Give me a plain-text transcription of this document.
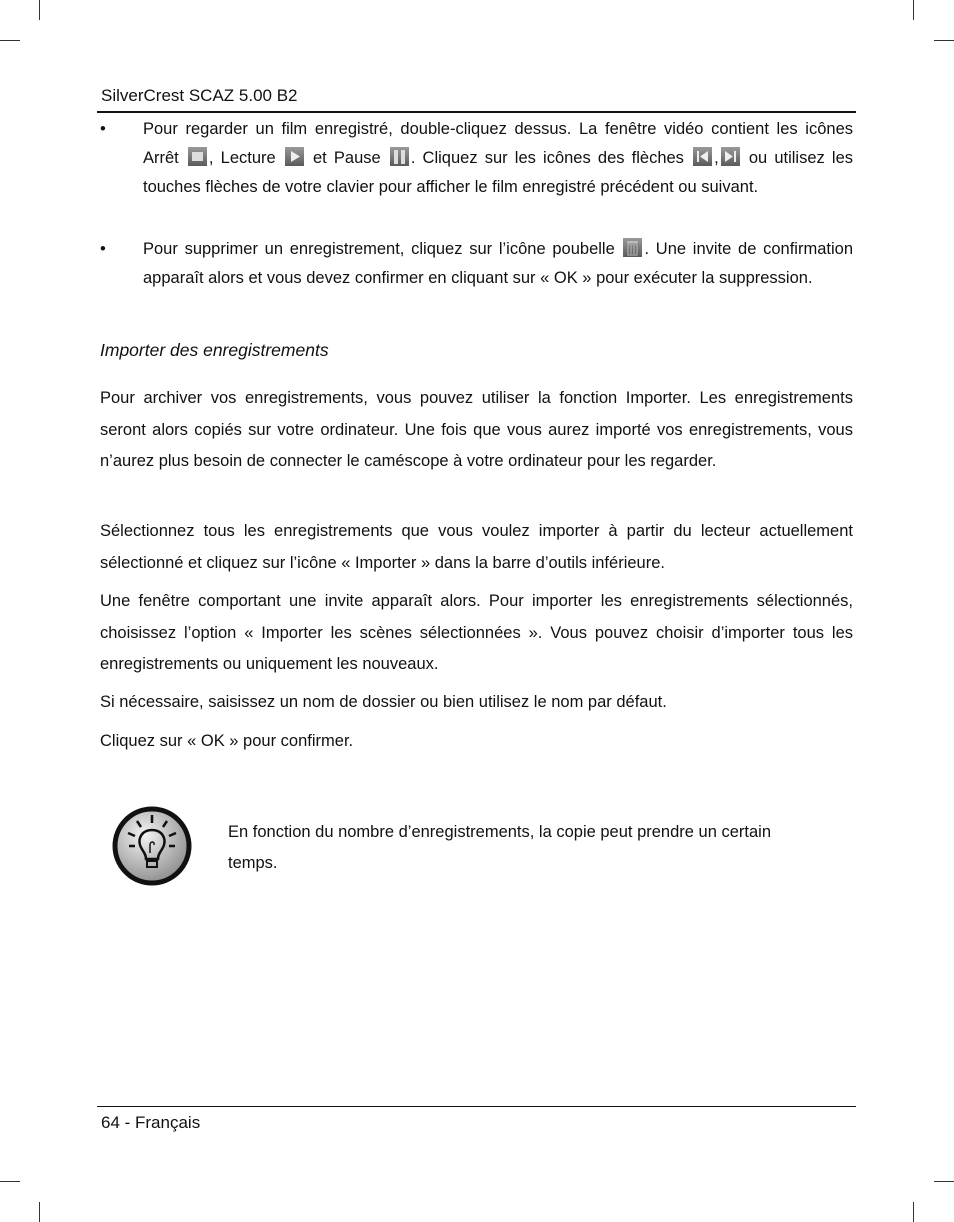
SilverCrest SCAZ 5.00 B2
• Pour regarder un film enregistré, double-cliquez dessus. La fenêtre vidéo contient les icônes Arrêt
, Lecture
et Pause
. Cliquez sur les icônes des flèches
,
ou utilisez les touches flèches de votre clavier pour afficher le film enregistré précédent ou suivant.
• Pour supprimer un enregistrement, cliquez sur l’icône poubelle
. Une invite de confirmation apparaît alors et vous devez confirmer en cliquant sur « OK » pour exécuter la suppression.
Importer des enregistrements
Pour archiver vos enregistrements, vous pouvez utiliser la fonction Importer. Les enregistrements seront alors copiés sur votre ordinateur. Une fois que vous aurez importé vos enregistrements, vous n’aurez plus besoin de connecter le caméscope à votre ordinateur pour les regarder.
Sélectionnez tous les enregistrements que vous voulez importer à partir du lecteur actuellement sélectionné et cliquez sur l’icône « Importer » dans la barre d’outils inférieure.
Une fenêtre comportant une invite apparaît alors. Pour importer les enregistrements sélectionnés, choisissez l’option « Importer les scènes sélectionnées ». Vous pouvez choisir d’importer tous les enregistrements ou uniquement les nouveaux.
Si nécessaire, saisissez un nom de dossier ou bien utilisez le nom par défaut.
Cliquez sur « OK » pour confirmer.
En fonction du nombre d’enregistrements, la copie peut prendre un certain temps.
64 - Français
